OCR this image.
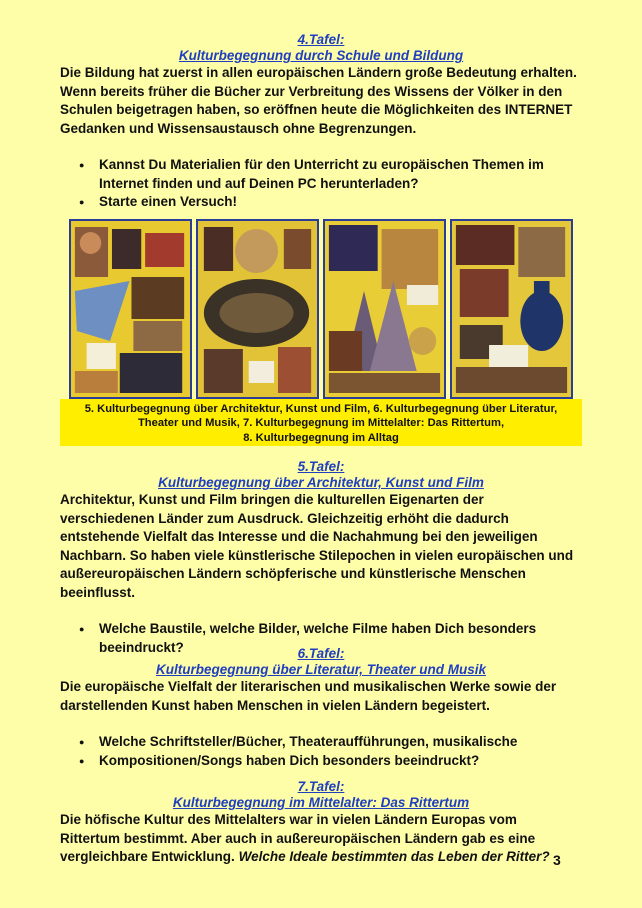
4.Tafel:
Kulturbegegnung durch Schule und Bildung

Die Bildung hat zuerst in allen europäischen Ländern große Bedeutung erhalten. Wenn bereits früher die Bücher zur Verbreitung des Wissens der Völker in den Schulen beigetragen haben, so eröffnen heute die Möglichkeiten des INTERNET Gedanken und Wissensaustausch ohne Begrenzungen.

● Kannst Du Materialien für den Unterricht zu europäischen Themen im Internet finden und auf Deinen PC herunterladen?
● Starte einen Versuch!
5. Kulturbegegnung über Architektur, Kunst und Film, 6. Kulturbegegnung über Literatur,
Theater und Musik, 7. Kulturbegegnung im Mittelalter: Das Rittertum,
8. Kulturbegegnung im Alltag
5.Tafel:
Kulturbegegnung über Architektur, Kunst und Film

Architektur, Kunst und Film bringen die kulturellen Eigenarten der verschiedenen Länder zum Ausdruck. Gleichzeitig erhöht die dadurch entstehende Vielfalt das Interesse und die Nachahmung bei den jeweiligen Nachbarn. So haben viele künstlerische Stilepochen in vielen europäischen und außereuropäischen Ländern schöpferische und künstlerische Menschen beeinflusst.

● Welche Baustile, welche Bilder, welche Filme haben Dich besonders beeindruckt?	6.Tafel:
Kulturbegegnung über Literatur, Theater und Musik

Die europäische Vielfalt der literarischen und musikalischen Werke sowie der darstellenden Kunst haben Menschen in vielen Ländern begeistert.

● Welche Schriftsteller/Bücher, Theateraufführungen, musikalische
● Kompositionen/Songs haben Dich besonders beeindruckt?
7.Tafel:
Kulturbegegnung im Mittelalter: Das Rittertum

Die höfische Kultur des Mittelalters war in vielen Ländern Europas vom Rittertum bestimmt. Aber auch in außereuropäischen Ländern gab es eine vergleichbare Entwicklung. Welche Ideale bestimmten das Leben der Ritter? 3
